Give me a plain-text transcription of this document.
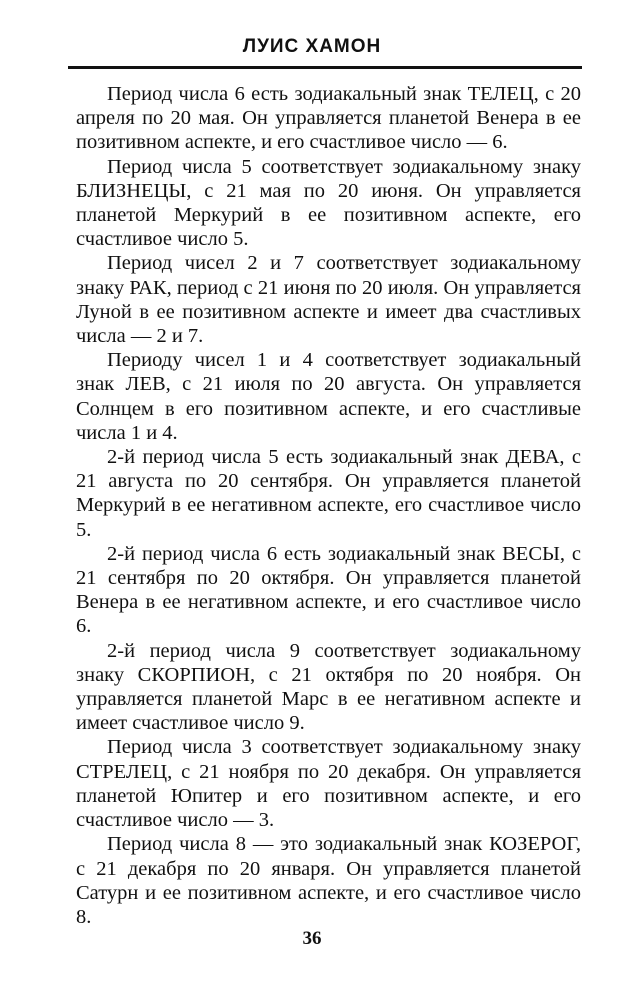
ЛУИС ХАМОН

Период числа 6 есть зодиакальный знак ТЕЛЕЦ, с 20 апреля по 20 мая. Он управляется планетой Венера в ее позитивном аспекте, и его счастливое число — 6.

Период числа 5 соответствует зодиакальному знаку БЛИЗНЕЦЫ, с 21 мая по 20 июня. Он управляется планетой Меркурий в ее позитивном аспекте, его счастливое число 5.

Период чисел 2 и 7 соответствует зодиакальному знаку РАК, период с 21 июня по 20 июля. Он управляется Луной в ее позитивном аспекте и имеет два счастливых числа — 2 и 7.

Периоду чисел 1 и 4 соответствует зодиакальный знак ЛЕВ, с 21 июля по 20 августа. Он управляется Солнцем в его позитивном аспекте, и его счастливые числа 1 и 4.

2-й период числа 5 есть зодиакальный знак ДЕВА, с 21 августа по 20 сентября. Он управляется планетой Меркурий в ее негативном аспекте, его счастливое число 5.

2-й период числа 6 есть зодиакальный знак ВЕСЫ, с 21 сентября по 20 октября. Он управляется планетой Венера в ее негативном аспекте, и его счастливое число 6.

2-й период числа 9 соответствует зодиакальному знаку СКОРПИОН, с 21 октября по 20 ноября. Он управляется планетой Марс в ее негативном аспекте и имеет счастливое число 9.

Период числа 3 соответствует зодиакальному знаку СТРЕЛЕЦ, с 21 ноября по 20 декабря. Он управляется планетой Юпитер и его позитивном аспекте, и его счастливое число — 3.

Период числа 8 — это зодиакальный знак КОЗЕРОГ, с 21 декабря по 20 января. Он управляется планетой Сатурн и ее позитивном аспекте, и его счастливое число 8.

36
